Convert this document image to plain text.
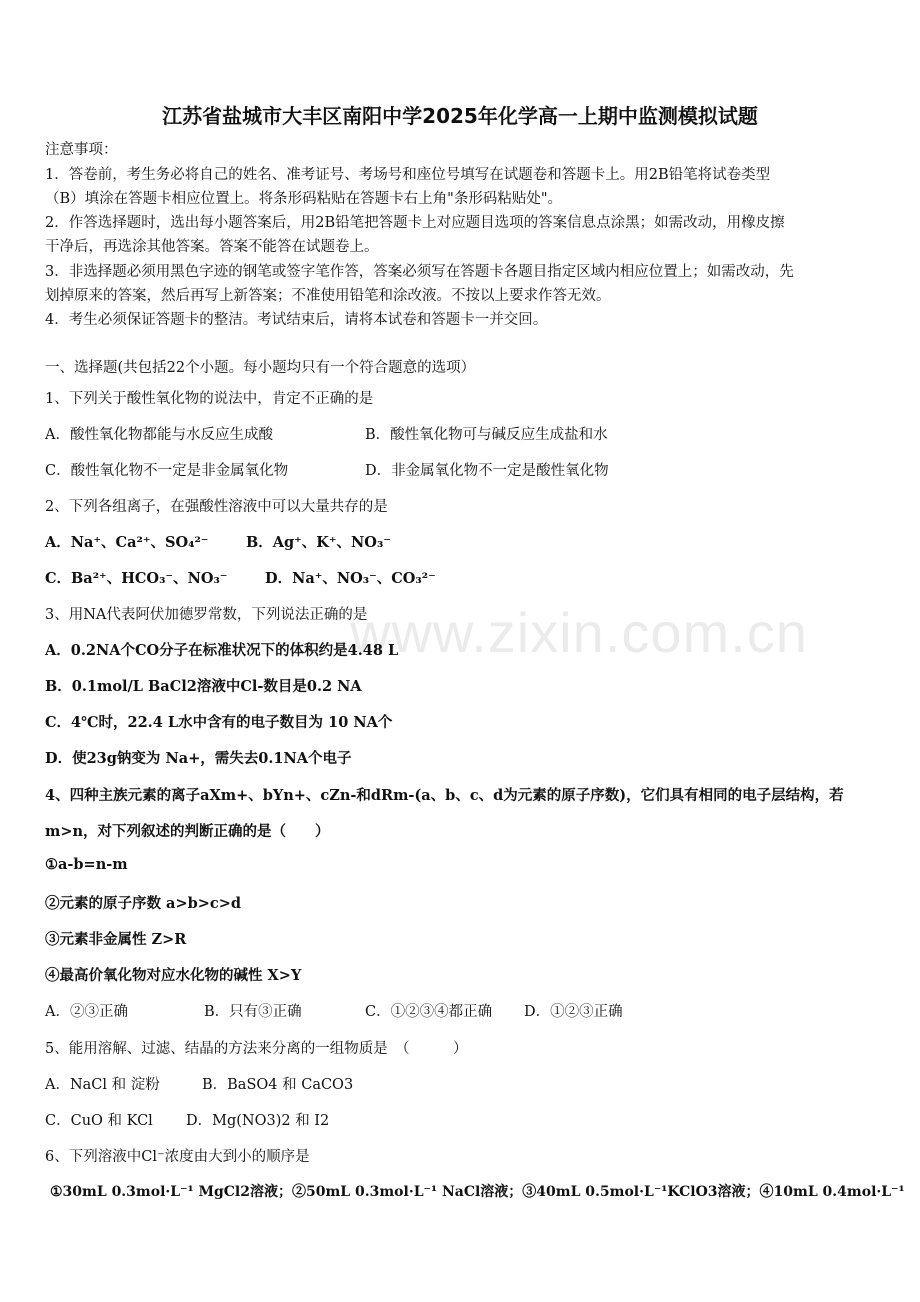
江苏省盐城市大丰区南阳中学2025年化学高一上期中监测模拟试题
注意事项：
1．答卷前，考生务必将自己的姓名、准考证号、考场号和座位号填写在试题卷和答题卡上。用2B铅笔将试卷类型
（B）填涂在答题卡相应位置上。将条形码粘贴在答题卡右上角"条形码粘贴处"。
2．作答选择题时，选出每小题答案后，用2B铅笔把答题卡上对应题目选项的答案信息点涂黑；如需改动，用橡皮擦
干净后，再选涂其他答案。答案不能答在试题卷上。
3．非选择题必须用黑色字迹的钢笔或签字笔作答，答案必须写在答题卡各题目指定区域内相应位置上；如需改动，先
划掉原来的答案，然后再写上新答案；不准使用铅笔和涂改液。不按以上要求作答无效。
4．考生必须保证答题卡的整洁。考试结束后，请将本试卷和答题卡一并交回。
一、选择题(共包括22个小题。每小题均只有一个符合题意的选项）
1、下列关于酸性氧化物的说法中，肯定不正确的是
A．酸性氧化物都能与水反应生成酸	B．酸性氧化物可与碱反应生成盐和水
C．酸性氧化物不一定是非金属氧化物	D．非金属氧化物不一定是酸性氧化物
2、下列各组离子，在强酸性溶液中可以大量共存的是
A．Na⁺、Ca²⁺、SO₄²⁻	B．Ag⁺、K⁺、NO₃⁻
C．Ba²⁺、HCO₃⁻、NO₃⁻	D．Na⁺、NO₃⁻、CO₃²⁻
3、用NA代表阿伏加德罗常数，下列说法正确的是
A．0.2NA个CO分子在标准状况下的体积约是4.48 L
B．0.1mol/L BaCl2溶液中Cl-数目是0.2 NA
C．4℃时，22.4 L水中含有的电子数目为 10 NA个
D．使23g钠变为 Na+，需失去0.1NA个电子
4、四种主族元素的离子aXm+、bYn+、cZn-和dRm-(a、b、c、d为元素的原子序数)，它们具有相同的电子层结构，若
m>n，对下列叙述的判断正确的是（　　）
①a-b=n-m
②元素的原子序数 a>b>c>d
③元素非金属性 Z>R
④最高价氧化物对应水化物的碱性 X>Y
A．②③正确	B．只有③正确	C．①②③④都正确 D．①②③正确
5、能用溶解、过滤、结晶的方法来分离的一组物质是　（　　　）
A．NaCl 和 淀粉	B．BaSO4 和 CaCO3
C．CuO 和 KCl D．Mg(NO3)2 和 I2
6、下列溶液中Cl⁻浓度由大到小的顺序是
①30mL 0.3mol·L⁻¹ MgCl2溶液；②50mL 0.3mol·L⁻¹ NaCl溶液；③40mL 0.5mol·L⁻¹KClO3溶液；④10mL 0.4mol·L⁻¹
www.zixin.com.cn
